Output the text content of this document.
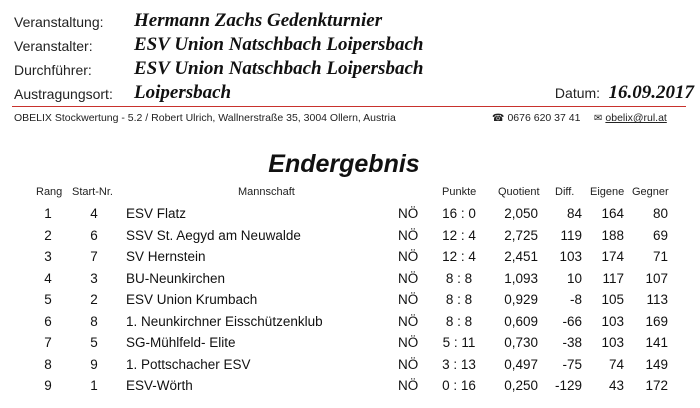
Veranstaltung: Hermann Zachs Gedenkturnier
Veranstalter: ESV Union Natschbach Loipersbach
Durchführer: ESV Union Natschbach Loipersbach
Austragungsort: Loipersbach	Datum: 16.09.2017
OBELIX Stockwertung - 5.2 / Robert Ulrich, Wallnerstraße 35, 3004 Ollern, Austria	☎ 0676 620 37 41 ✉ obelix@rul.at
Endergebnis
Rang Start-Nr.	Mannschaft	Punkte Quotient Diff. Eigene Gegner
1	4	ESV Flatz	NÖ	16 : 0	2,050	84	164	80
2	6	SSV St. Aegyd am Neuwalde	NÖ	12 : 4	2,725	119	188	69
3	7	SV Hernstein	NÖ	12 : 4	2,451	103	174	71
4	3	BU-Neunkirchen	NÖ	8 : 8	1,093	10	117	107
5	2	ESV Union Krumbach	NÖ	8 : 8	0,929	-8	105	113
6	8	1. Neunkirchner Eisschützenklub	NÖ	8 : 8	0,609	-66	103	169
7	5	SG-Mühlfeld- Elite	NÖ	5 : 11	0,730	-38	103	141
8	9	1. Pottschacher ESV	NÖ	3 : 13	0,497	-75	74	149
9	1	ESV-Wörth	NÖ	0 : 16	0,250	-129	43	172
